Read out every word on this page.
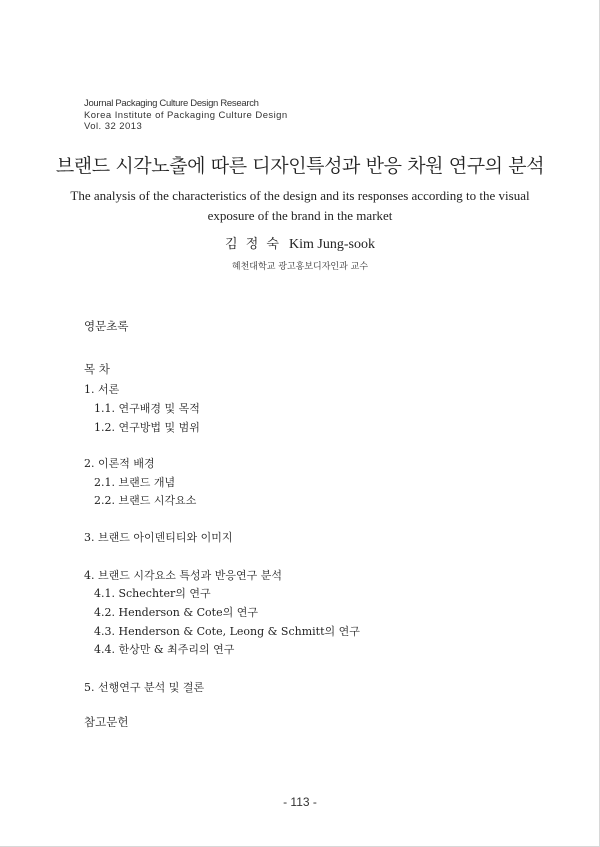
Journal Packaging Culture Design Research
Korea Institute of Packaging Culture Design
Vol. 32 2013
브랜드 시각노출에 따른 디자인특성과 반응 차원 연구의 분석
The analysis of the characteristics of the design and its responses according to the visual exposure of the brand in the market
김 정 숙 Kim Jung-sook
혜천대학교 광고홍보디자인과 교수
영문초록
목 차
1. 서론
1.1. 연구배경 및 목적
1.2. 연구방법 및 범위
2. 이론적 배경
2.1. 브랜드 개념
2.2. 브랜드 시각요소
3. 브랜드 아이덴티티와 이미지
4. 브랜드 시각요소 특성과 반응연구 분석
4.1. Schechter의 연구
4.2. Henderson & Cote의 연구
4.3. Henderson & Cote, Leong & Schmitt의 연구
4.4. 한상만 & 최주리의 연구
5. 선행연구 분석 및 결론
참고문헌
- 113 -
